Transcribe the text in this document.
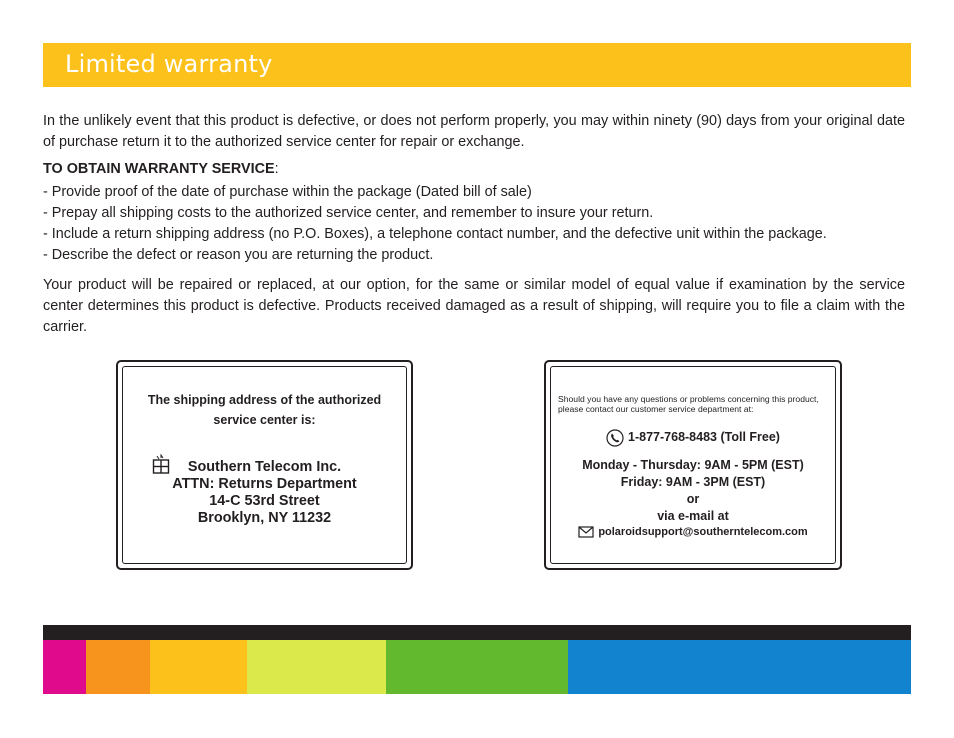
Limited warranty
In the unlikely event that this product is defective, or does not perform properly, you may within ninety (90) days from your original date of purchase return it to the authorized service center for repair or exchange.
TO OBTAIN WARRANTY SERVICE:
- Provide proof of the date of purchase within the package (Dated bill of sale)
- Prepay all shipping costs to the authorized service center, and remember to insure your return.
- Include a return shipping address (no P.O. Boxes), a telephone contact number, and the defective unit within the package.
- Describe the defect or reason you are returning the product.
Your product will be repaired or replaced, at our option, for the same or similar model of equal value if examination by the service center determines this product is defective. Products received damaged as a result of shipping, will require you to file a claim with the carrier.
The shipping address of the authorized
service center is:
Southern Telecom Inc.
ATTN: Returns Department
14-C 53rd Street
Brooklyn, NY 11232
Should you have any questions or problems concerning this product, please contact our customer service department at:
1-877-768-8483 (Toll Free)
Monday - Thursday: 9AM - 5PM (EST)
Friday: 9AM - 3PM (EST)
or
via e-mail at
polaroidsupport@southerntelecom.com
